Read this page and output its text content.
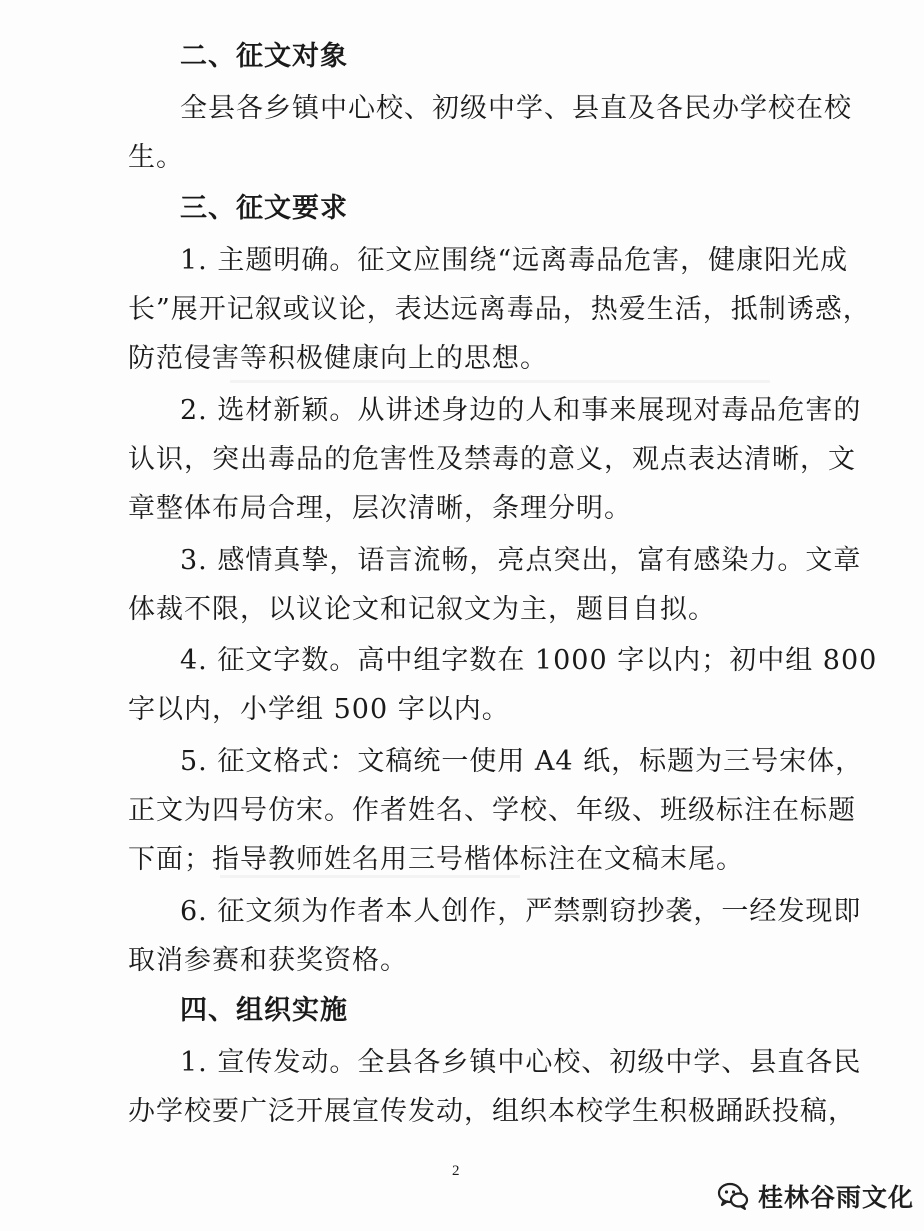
二、征文对象
全县各乡镇中心校、初级中学、县直及各民办学校在校
生。
三、征文要求
1. 主题明确。征文应围绕“远离毒品危害，健康阳光成
长”展开记叙或议论，表达远离毒品，热爱生活，抵制诱惑，
防范侵害等积极健康向上的思想。
2. 选材新颖。从讲述身边的人和事来展现对毒品危害的
认识，突出毒品的危害性及禁毒的意义，观点表达清晰，文
章整体布局合理，层次清晰，条理分明。
3. 感情真挚，语言流畅，亮点突出，富有感染力。文章
体裁不限，以议论文和记叙文为主，题目自拟。
4. 征文字数。高中组字数在 1000 字以内；初中组 800
字以内，小学组 500 字以内。
5. 征文格式：文稿统一使用 A4 纸，标题为三号宋体，
正文为四号仿宋。作者姓名、学校、年级、班级标注在标题
下面；指导教师姓名用三号楷体标注在文稿末尾。
6. 征文须为作者本人创作，严禁剽窃抄袭，一经发现即
取消参赛和获奖资格。
四、组织实施
1. 宣传发动。全县各乡镇中心校、初级中学、县直各民
办学校要广泛开展宣传发动，组织本校学生积极踊跃投稿，
2
桂林谷雨文化
